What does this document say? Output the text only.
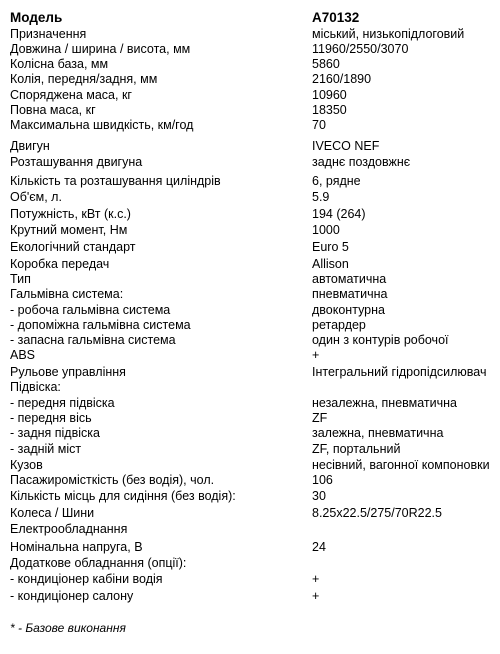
Модель	А70132
Призначення	міський, низькопідлоговий
Довжина / ширина / висота, мм	11960/2550/3070
Колісна база, мм	5860
Колія, передня/задня, мм	2160/1890
Споряджена маса, кг	10960
Повна маса, кг	18350
Максимальна швидкість, км/год	70
Двигун	IVECO NEF
Розташування двигуна	заднє поздовжнє
Кількість та розташування циліндрів	6, рядне
Об'єм, л.	5.9
Потужність, кВт (к.с.)	194 (264)
Крутний момент, Нм	1000
Екологічний стандарт	Euro 5
Коробка передач	Allison
Тип	автоматична
Гальмівна система:	пневматична
- робоча гальмівна система	двоконтурна
- допоміжна гальмівна система	ретардер
- запасна гальмівна система	один з контурів робочої
ABS	+
Рульове управління	Інтегральний гідропідсилювач
Підвіска:
- передня підвіска	незалежна, пневматична
- передня вісь	ZF
- задня підвіска	залежна, пневматична
- задній міст	ZF, портальний
Кузов	несівний, вагонної компоновки
Пасажиромісткість (без водія), чол.	106
Кількість місць для сидіння (без водія):	30
Колеса / Шини	8.25x22.5/275/70R22.5
Електрообладнання
Номінальна напруга, В	24
Додаткове обладнання (опції):
- кондиціонер кабіни водія	+
- кондиціонер салону	+
* - Базове виконання
